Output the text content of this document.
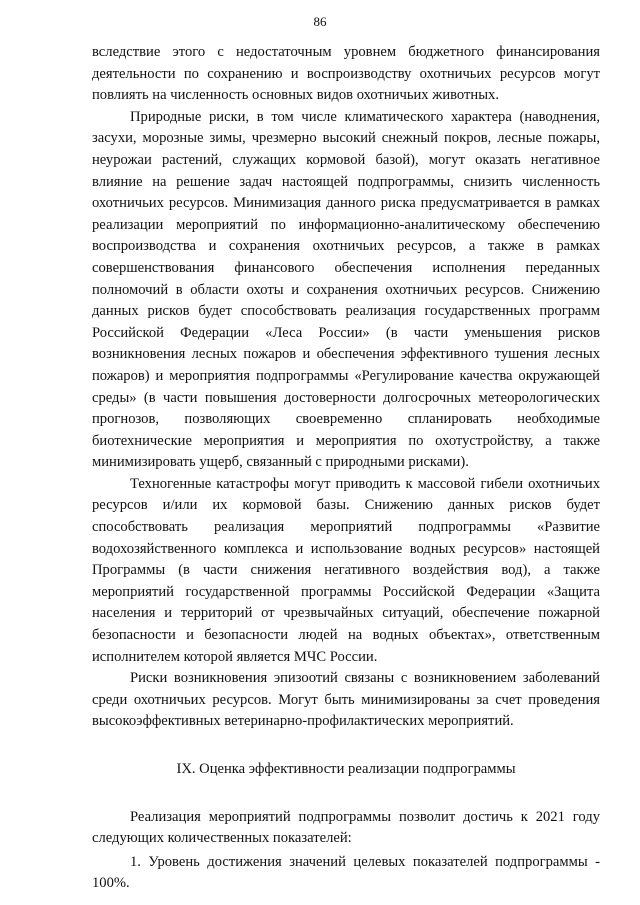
86

вследствие этого с недостаточным уровнем бюджетного финансирования деятельности по сохранению и воспроизводству охотничьих ресурсов могут повлиять на численность основных видов охотничьих животных.

Природные риски, в том числе климатического характера (наводнения, засухи, морозные зимы, чрезмерно высокий снежный покров, лесные пожары, неурожаи растений, служащих кормовой базой), могут оказать негативное влияние на решение задач настоящей подпрограммы, снизить численность охотничьих ресурсов. Минимизация данного риска предусматривается в рамках реализации мероприятий по информационно-аналитическому обеспечению воспроизводства и сохранения охотничьих ресурсов, а также в рамках совершенствования финансового обеспечения исполнения переданных полномочий в области охоты и сохранения охотничьих ресурсов. Снижению данных рисков будет способствовать реализация государственных программ Российской Федерации «Леса России» (в части уменьшения рисков возникновения лесных пожаров и обеспечения эффективного тушения лесных пожаров) и мероприятия подпрограммы «Регулирование качества окружающей среды» (в части повышения достоверности долгосрочных метеорологических прогнозов, позволяющих своевременно спланировать необходимые биотехнические мероприятия и мероприятия по охотустройству, а также минимизировать ущерб, связанный с природными рисками).

Техногенные катастрофы могут приводить к массовой гибели охотничьих ресурсов и/или их кормовой базы. Снижению данных рисков будет способствовать реализация мероприятий подпрограммы «Развитие водохозяйственного комплекса и использование водных ресурсов» настоящей Программы (в части снижения негативного воздействия вод), а также мероприятий государственной программы Российской Федерации «Защита населения и территорий от чрезвычайных ситуаций, обеспечение пожарной безопасности и безопасности людей на водных объектах», ответственным исполнителем которой является МЧС России.

Риски возникновения эпизоотий связаны с возникновением заболеваний среди охотничьих ресурсов. Могут быть минимизированы за счет проведения высокоэффективных ветеринарно-профилактических мероприятий.

IX. Оценка эффективности реализации подпрограммы

Реализация мероприятий подпрограммы позволит достичь к 2021 году следующих количественных показателей:

1. Уровень достижения значений целевых показателей подпрограммы - 100%.
